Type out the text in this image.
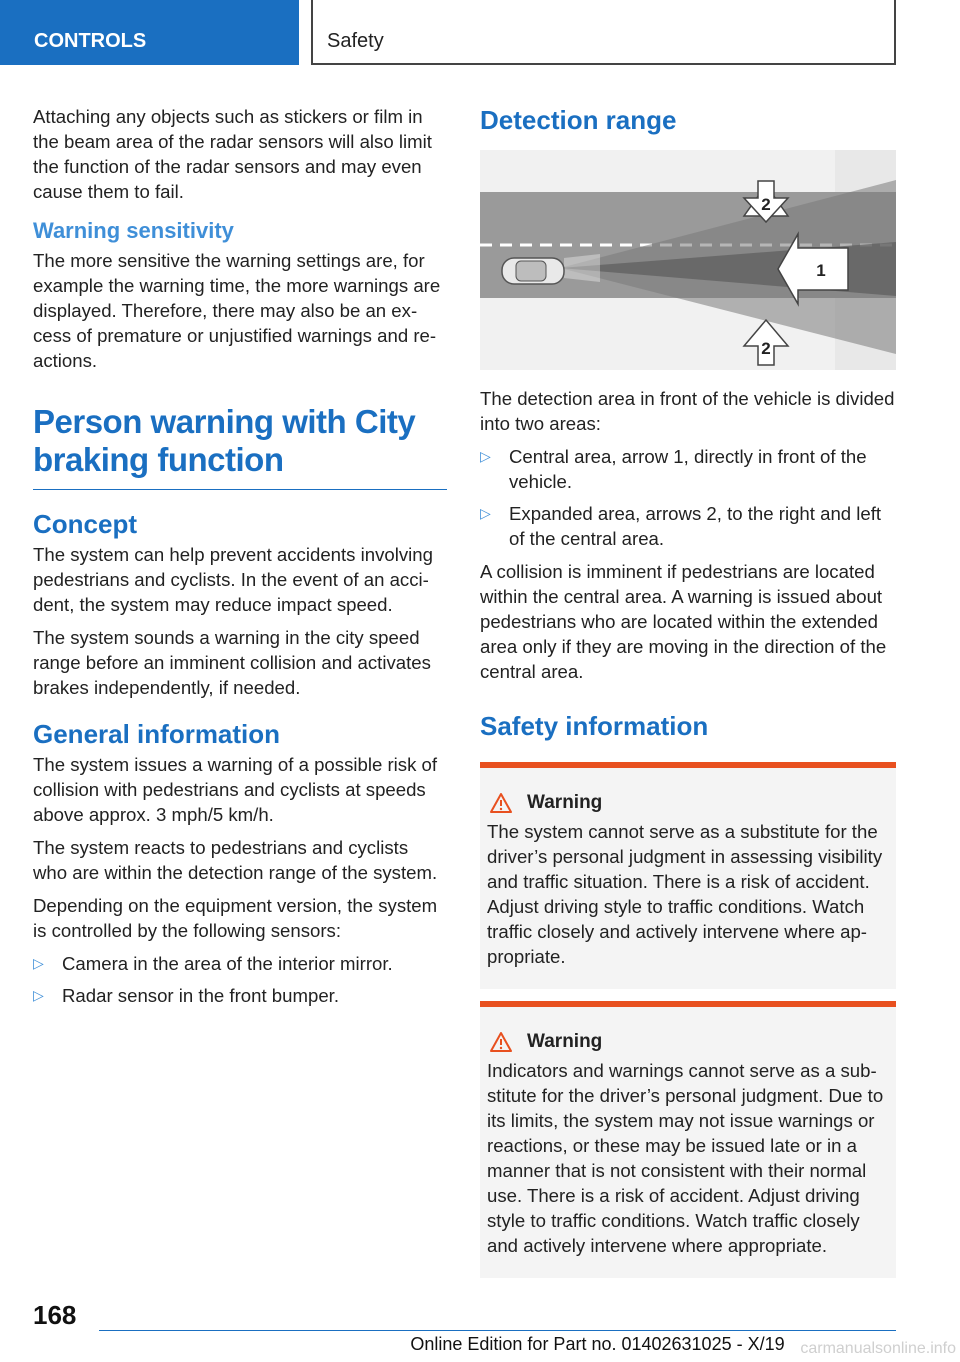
CONTROLS	Safety

Attaching any objects such as stickers or film in the beam area of the radar sensors will also limit the function of the radar sensors and may even cause them to fail.

Warning sensitivity

The more sensitive the warning settings are, for example the warning time, the more warnings are displayed. Therefore, there may also be an excess of premature or unjustified warnings and reactions.

Person warning with City braking function
Concept

The system can help prevent accidents involving pedestrians and cyclists. In the event of an accident, the system may reduce impact speed.

The system sounds a warning in the city speed range before an imminent collision and activates brakes independently, if needed.

General information

The system issues a warning of a possible risk of collision with pedestrians and cyclists at speeds above approx. 3 mph/5 km/h.

The system reacts to pedestrians and cyclists who are within the detection range of the system.

Depending on the equipment version, the system is controlled by the following sensors:

▷ Camera in the area of the interior mirror.
▷ Radar sensor in the front bumper.
Detection range
2
1
2

The detection area in front of the vehicle is divided into two areas:

▷ Central area, arrow 1, directly in front of the vehicle.
▷ Expanded area, arrows 2, to the right and left of the central area.

A collision is imminent if pedestrians are located within the central area. A warning is issued about pedestrians who are located within the extended area only if they are moving in the direction of the central area.

Safety information
Warning

The system cannot serve as a substitute for the driver’s personal judgment in assessing visibility and traffic situation. There is a risk of accident. Adjust driving style to traffic conditions. Watch traffic closely and actively intervene where appropriate.

Warning

Indicators and warnings cannot serve as a substitute for the driver’s personal judgment. Due to its limits, the system may not issue warnings or reactions, or these may be issued late or in a manner that is not consistent with their normal use. There is a risk of accident. Adjust driving style to traffic conditions. Watch traffic closely and actively intervene where appropriate.

168
Online Edition for Part no. 01402631025 - X/19 carmanualsonline.info
